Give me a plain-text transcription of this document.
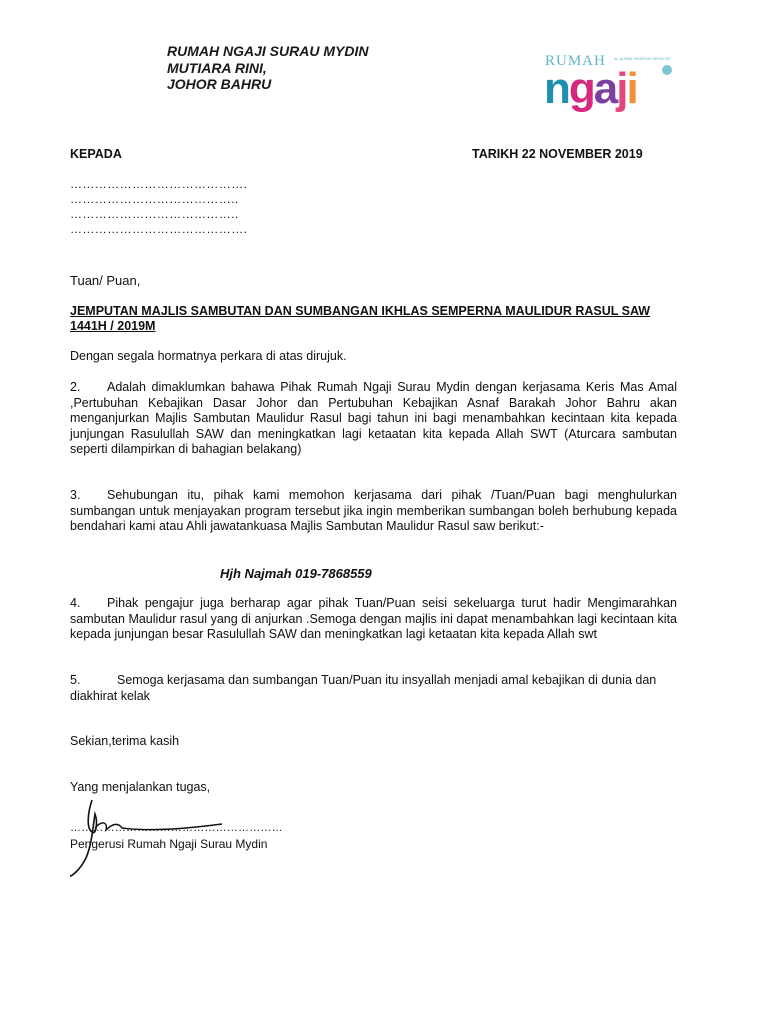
RUMAH NGAJI SURAU MYDIN
MUTIARA RINI,
JOHOR BAHRU
RUMAH AL-QURAN GENERASI MERAKYAT
ngaji
KEPADA	TARIKH 22 NOVEMBER 2019
…………………………………….
…………………………………..
…………………………………..
…………………………………….
Tuan/ Puan,
JEMPUTAN MAJLIS SAMBUTAN DAN SUMBANGAN IKHLAS SEMPERNA MAULIDUR RASUL SAW 1441H / 2019M
Dengan segala hormatnya perkara di atas dirujuk.
2. Adalah dimaklumkan bahawa Pihak Rumah Ngaji Surau Mydin dengan kerjasama Keris Mas Amal ,Pertubuhan Kebajikan Dasar Johor dan Pertubuhan Kebajikan Asnaf Barakah Johor Bahru akan menganjurkan Majlis Sambutan Maulidur Rasul bagi tahun ini bagi menambahkan kecintaan kita kepada junjungan Rasulullah SAW dan meningkatkan lagi ketaatan kita kepada Allah SWT (Aturcara sambutan seperti dilampirkan di bahagian belakang)
3. Sehubungan itu, pihak kami memohon kerjasama dari pihak /Tuan/Puan bagi menghulurkan sumbangan untuk menjayakan program tersebut jika ingin memberikan sumbangan boleh berhubung kepada bendahari kami atau Ahli jawatankuasa Majlis Sambutan Maulidur Rasul saw berikut:-
Hjh Najmah 019-7868559
4. Pihak pengajur juga berharap agar pihak Tuan/Puan seisi sekeluarga turut hadir Mengimarahkan sambutan Maulidur rasul yang di anjurkan .Semoga dengan majlis ini dapat menambahkan lagi kecintaan kita kepada junjungan besar Rasulullah SAW dan meningkatkan lagi ketaatan kita kepada Allah swt
5.	Semoga kerjasama dan sumbangan Tuan/Puan itu insyallah menjadi amal kebajikan di dunia dan
diakhirat kelak
Sekian,terima kasih
Yang menjalankan tugas,
…………………………………………………
Pengerusi Rumah Ngaji Surau Mydin
